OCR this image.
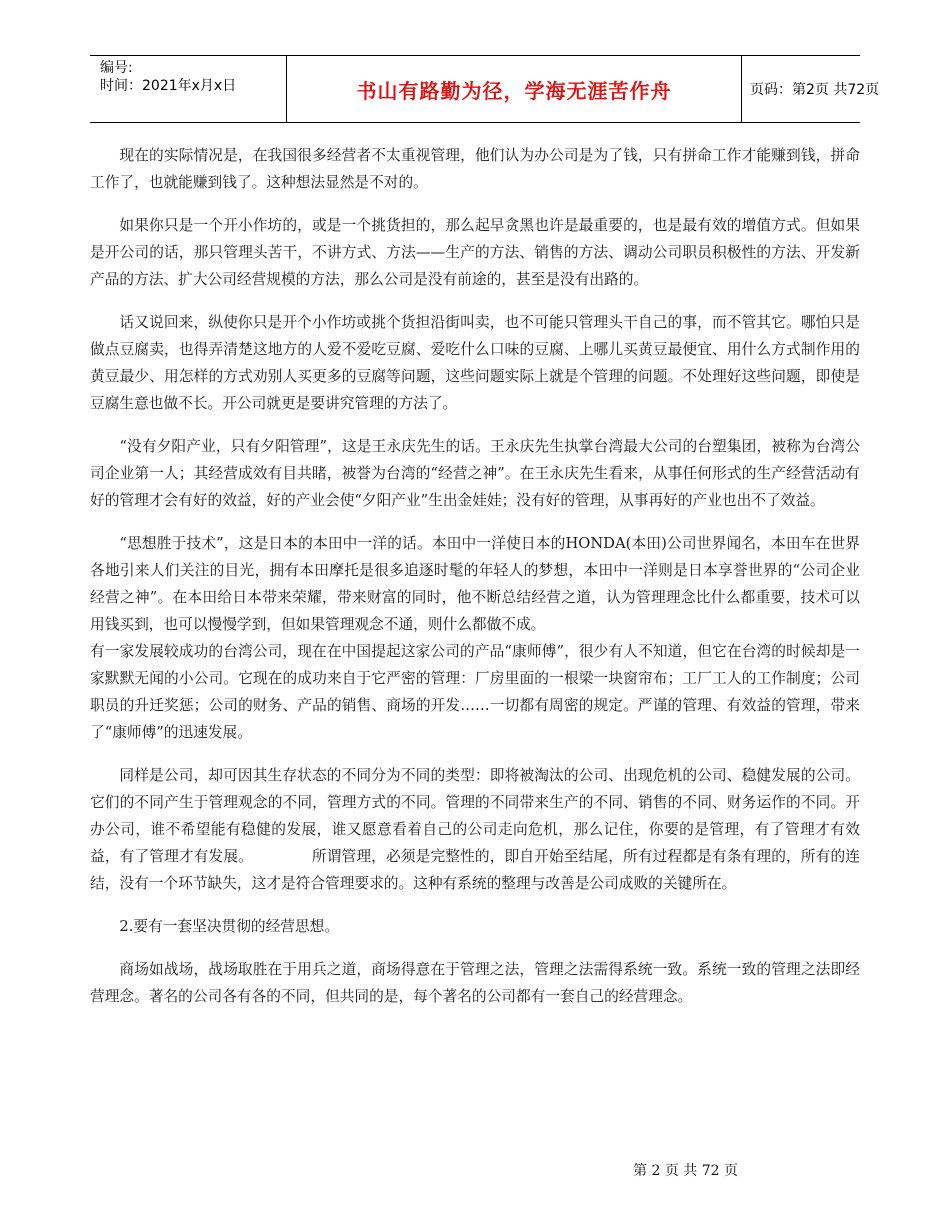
编号:
时间：2021年x月x日	书山有路勤为径，学海无涯苦作舟	页码：第2页 共72页

现在的实际情况是，在我国很多经营者不太重视管理，他们认为办公司是为了钱，只有拼命工作才能赚到钱，拼命工作了，也就能赚到钱了。这种想法显然是不对的。

如果你只是一个开小作坊的，或是一个挑货担的，那么起早贪黑也许是最重要的，也是最有效的增值方式。但如果是开公司的话，那只管理头苦干，不讲方式、方法——生产的方法、销售的方法、调动公司职员积极性的方法、开发新产品的方法、扩大公司经营规模的方法，那么公司是没有前途的，甚至是没有出路的。

话又说回来，纵使你只是开个小作坊或挑个货担沿街叫卖，也不可能只管理头干自己的事，而不管其它。哪怕只是做点豆腐卖，也得弄清楚这地方的人爱不爱吃豆腐、爱吃什么口味的豆腐、上哪儿买黄豆最便宜、用什么方式制作用的黄豆最少、用怎样的方式劝别人买更多的豆腐等问题，这些问题实际上就是个管理的问题。不处理好这些问题，即使是豆腐生意也做不长。开公司就更是要讲究管理的方法了。

“没有夕阳产业，只有夕阳管理”，这是王永庆先生的话。王永庆先生执掌台湾最大公司的台塑集团，被称为台湾公司企业第一人；其经营成效有目共睹，被誉为台湾的“经营之神”。在王永庆先生看来，从事任何形式的生产经营活动有好的管理才会有好的效益，好的产业会使“夕阳产业”生出金娃娃；没有好的管理，从事再好的产业也出不了效益。

“思想胜于技术”，这是日本的本田中一洋的话。本田中一洋使日本的HONDA(本田)公司世界闻名，本田车在世界各地引来人们关注的目光，拥有本田摩托是很多追逐时髦的年轻人的梦想，本田中一洋则是日本享誉世界的“公司企业经营之神”。在本田给日本带来荣耀，带来财富的同时，他不断总结经营之道，认为管理理念比什么都重要，技术可以用钱买到，也可以慢慢学到，但如果管理观念不通，则什么都做不成。

有一家发展较成功的台湾公司，现在在中国提起这家公司的产品“康师傅”，很少有人不知道，但它在台湾的时候却是一家默默无闻的小公司。它现在的成功来自于它严密的管理：厂房里面的一根梁一块窗帘布；工厂工人的工作制度；公司职员的升迁奖惩；公司的财务、产品的销售、商场的开发……一切都有周密的规定。严谨的管理、有效益的管理，带来了“康师傅”的迅速发展。

同样是公司，却可因其生存状态的不同分为不同的类型：即将被淘汰的公司、出现危机的公司、稳健发展的公司。它们的不同产生于管理观念的不同，管理方式的不同。管理的不同带来生产的不同、销售的不同、财务运作的不同。开办公司，谁不希望能有稳健的发展，谁又愿意看着自己的公司走向危机，那么记住，你要的是管理，有了管理才有效益，有了管理才有发展。	所谓管理，必须是完整性的，即自开始至结尾，所有过程都是有条有理的，所有的连结，没有一个环节缺失，这才是符合管理要求的。这种有系统的整理与改善是公司成败的关键所在。

2.要有一套坚决贯彻的经营思想。

商场如战场，战场取胜在于用兵之道，商场得意在于管理之法，管理之法需得系统一致。系统一致的管理之法即经营理念。著名的公司各有各的不同，但共同的是，每个著名的公司都有一套自己的经营理念。

第 2 页 共 72 页
